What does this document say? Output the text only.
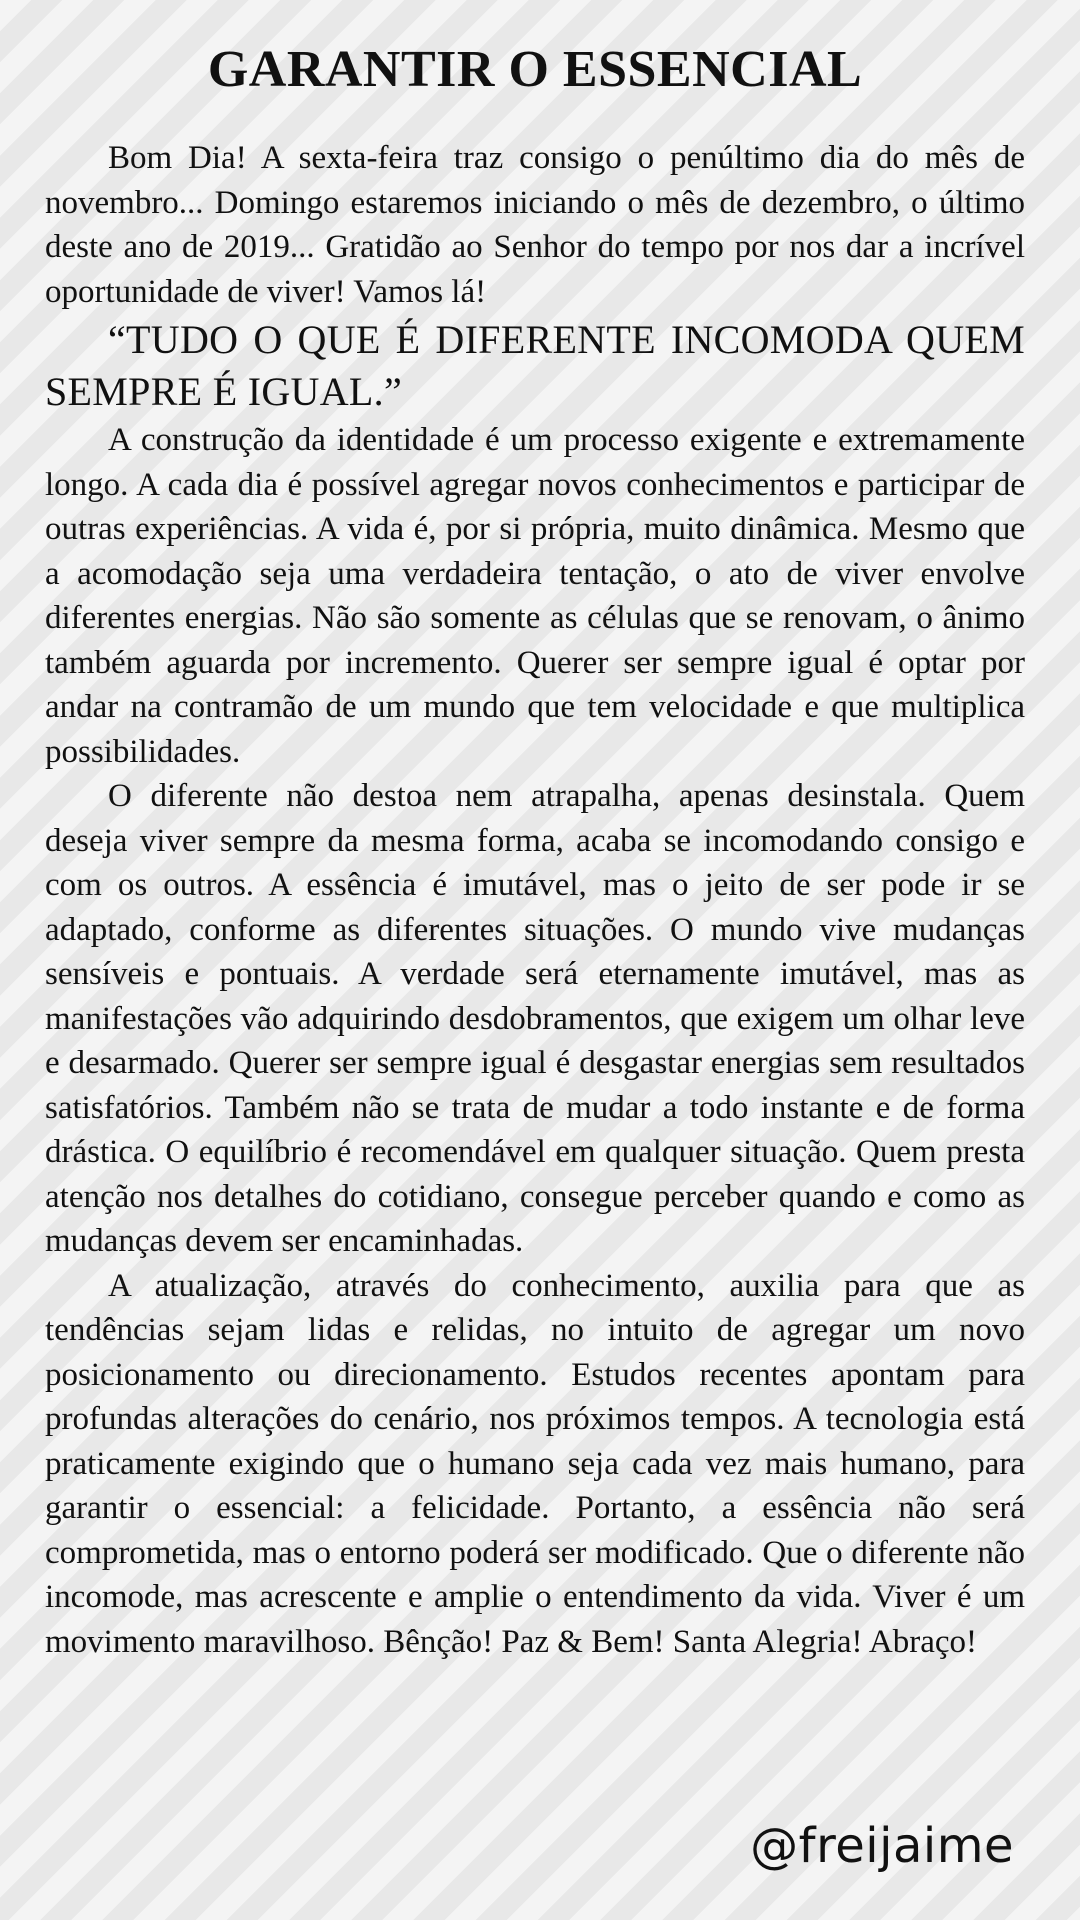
GARANTIR O ESSENCIAL

Bom Dia! A sexta-feira traz consigo o penúltimo dia do mês de novembro... Domingo estaremos iniciando o mês de dezembro, o último deste ano de 2019... Gratidão ao Senhor do tempo por nos dar a incrível oportunidade de viver! Vamos lá!

“TUDO O QUE É DIFERENTE INCOMODA QUEM SEMPRE É IGUAL.”

A construção da identidade é um processo exigente e extremamente longo. A cada dia é possível agregar novos conhecimentos e participar de outras experiências. A vida é, por si própria, muito dinâmica. Mesmo que a acomodação seja uma verdadeira tentação, o ato de viver envolve diferentes energias. Não são somente as células que se renovam, o ânimo também aguarda por incremento. Querer ser sempre igual é optar por andar na contramão de um mundo que tem velocidade e que multiplica possibilidades.

O diferente não destoa nem atrapalha, apenas desinstala. Quem deseja viver sempre da mesma forma, acaba se incomodando consigo e com os outros. A essência é imutável, mas o jeito de ser pode ir se adaptado, conforme as diferentes situações. O mundo vive mudanças sensíveis e pontuais. A verdade será eternamente imutável, mas as manifestações vão adquirindo desdobramentos, que exigem um olhar leve e desarmado. Querer ser sempre igual é desgastar energias sem resultados satisfatórios. Também não se trata de mudar a todo instante e de forma drástica. O equilíbrio é recomendável em qualquer situação. Quem presta atenção nos detalhes do cotidiano, consegue perceber quando e como as mudanças devem ser encaminhadas.

A atualização, através do conhecimento, auxilia para que as tendências sejam lidas e relidas, no intuito de agregar um novo posicionamento ou direcionamento. Estudos recentes apontam para profundas alterações do cenário, nos próximos tempos. A tecnologia está praticamente exigindo que o humano seja cada vez mais humano, para garantir o essencial: a felicidade. Portanto, a essência não será comprometida, mas o entorno poderá ser modificado. Que o diferente não incomode, mas acrescente e amplie o entendimento da vida. Viver é um movimento maravilhoso. Bênção! Paz & Bem! Santa Alegria! Abraço!

@freijaime
